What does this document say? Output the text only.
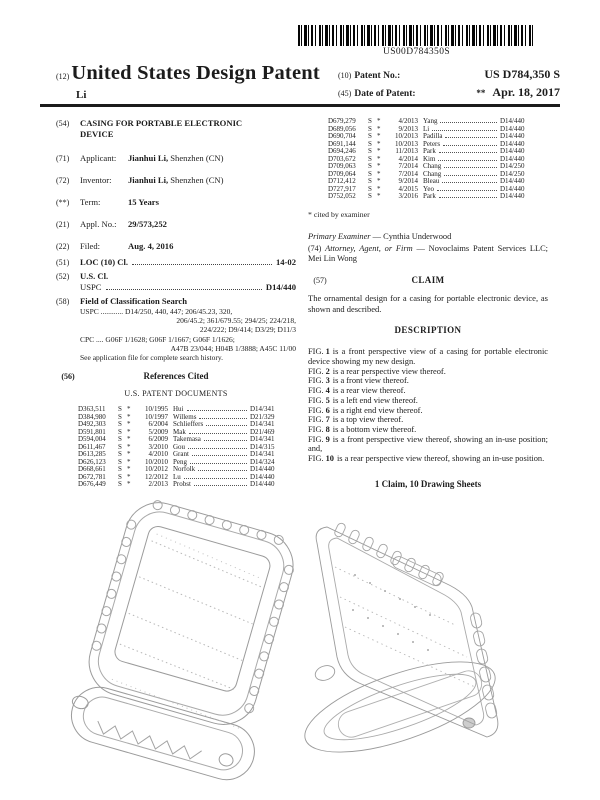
US00D784350S
(12)United States Design Patent
Li
(10) Patent No.:	US D784,350 S
(45) Date of Patent:	** Apr. 18, 2017
(54)	CASING FOR PORTABLE ELECTRONIC DEVICE
(71)	Applicant:	Jianhui Li, Shenzhen (CN)
(72)	Inventor:	Jianhui Li, Shenzhen (CN)
(**)	Term:	15 Years
(21)	Appl. No.:	29/573,252
(22)	Filed:	Aug. 4, 2016
(51)	LOC (10) Cl.	14-02
(52)	U.S. Cl.
USPC	D14/440
(58)	Field of Classification Search
USPC ............ D14/250, 440, 447; 206/45.23, 320,
206/45.2; 361/679.55; 294/25; 224/218,
224/222; D9/414; D3/29; D11/3
CPC .... G06F 1/1628; G06F 1/1667; G06F 1/1626;
A47B 23/044; H04B 1/3888; A45C 11/00
See application file for complete search history.
(56)	References Cited
U.S. PATENT DOCUMENTS
D363,511	S *	10/1995 Hui	D14/341
D384,980	S *	10/1997 Willems	D21/329
D492,303	S *	6/2004 Schlieffers	D14/341
D591,801	S *	5/2009 Mak	D21/469
D594,004	S *	6/2009 Takemasa	D14/341
D611,467	S *	3/2010 Gou	D14/315
D613,285	S *	4/2010 Grant	D14/341
D626,123	S *	10/2010 Peng	D14/324
D668,661	S *	10/2012 Norfolk	D14/440
D672,781	S *	12/2012 Lu	D14/440
D676,449	S *	2/2013 Probst	D14/440
D679,279	S *	4/2013 Yang	D14/440
D689,056	S *	9/2013 Li	D14/440
D690,704	S *	10/2013 Padilla	D14/440
D691,144	S *	10/2013 Peters	D14/440
D694,246	S *	11/2013 Park	D14/440
D703,672	S *	4/2014 Kim	D14/440
D709,063	S *	7/2014 Chang	D14/250
D709,064	S *	7/2014 Chang	D14/250
D712,412	S *	9/2014 Bleau	D14/440
D727,917	S *	4/2015 Yeo	D14/440
D752,052	S *	3/2016 Park	D14/440
* cited by examiner
Primary Examiner — Cynthia Underwood
(74) Attorney, Agent, or Firm — Novoclaims Patent Services LLC; Mei Lin Wong
(57)	CLAIM
The ornamental design for a casing for portable electronic device, as shown and described.
DESCRIPTION
FIG. 1 is a front perspective view of a casing for portable electronic device showing my new design.
FIG. 2 is a rear perspective view thereof.
FIG. 3 is a front view thereof.
FIG. 4 is a rear view thereof.
FIG. 5 is a left end view thereof.
FIG. 6 is a right end view thereof.
FIG. 7 is a top view thereof.
FIG. 8 is a bottom view thereof.
FIG. 9 is a front perspective view thereof, showing an in-use position; and,
FIG. 10 is a rear perspective view thereof, showing an in-use position.
1 Claim, 10 Drawing Sheets
